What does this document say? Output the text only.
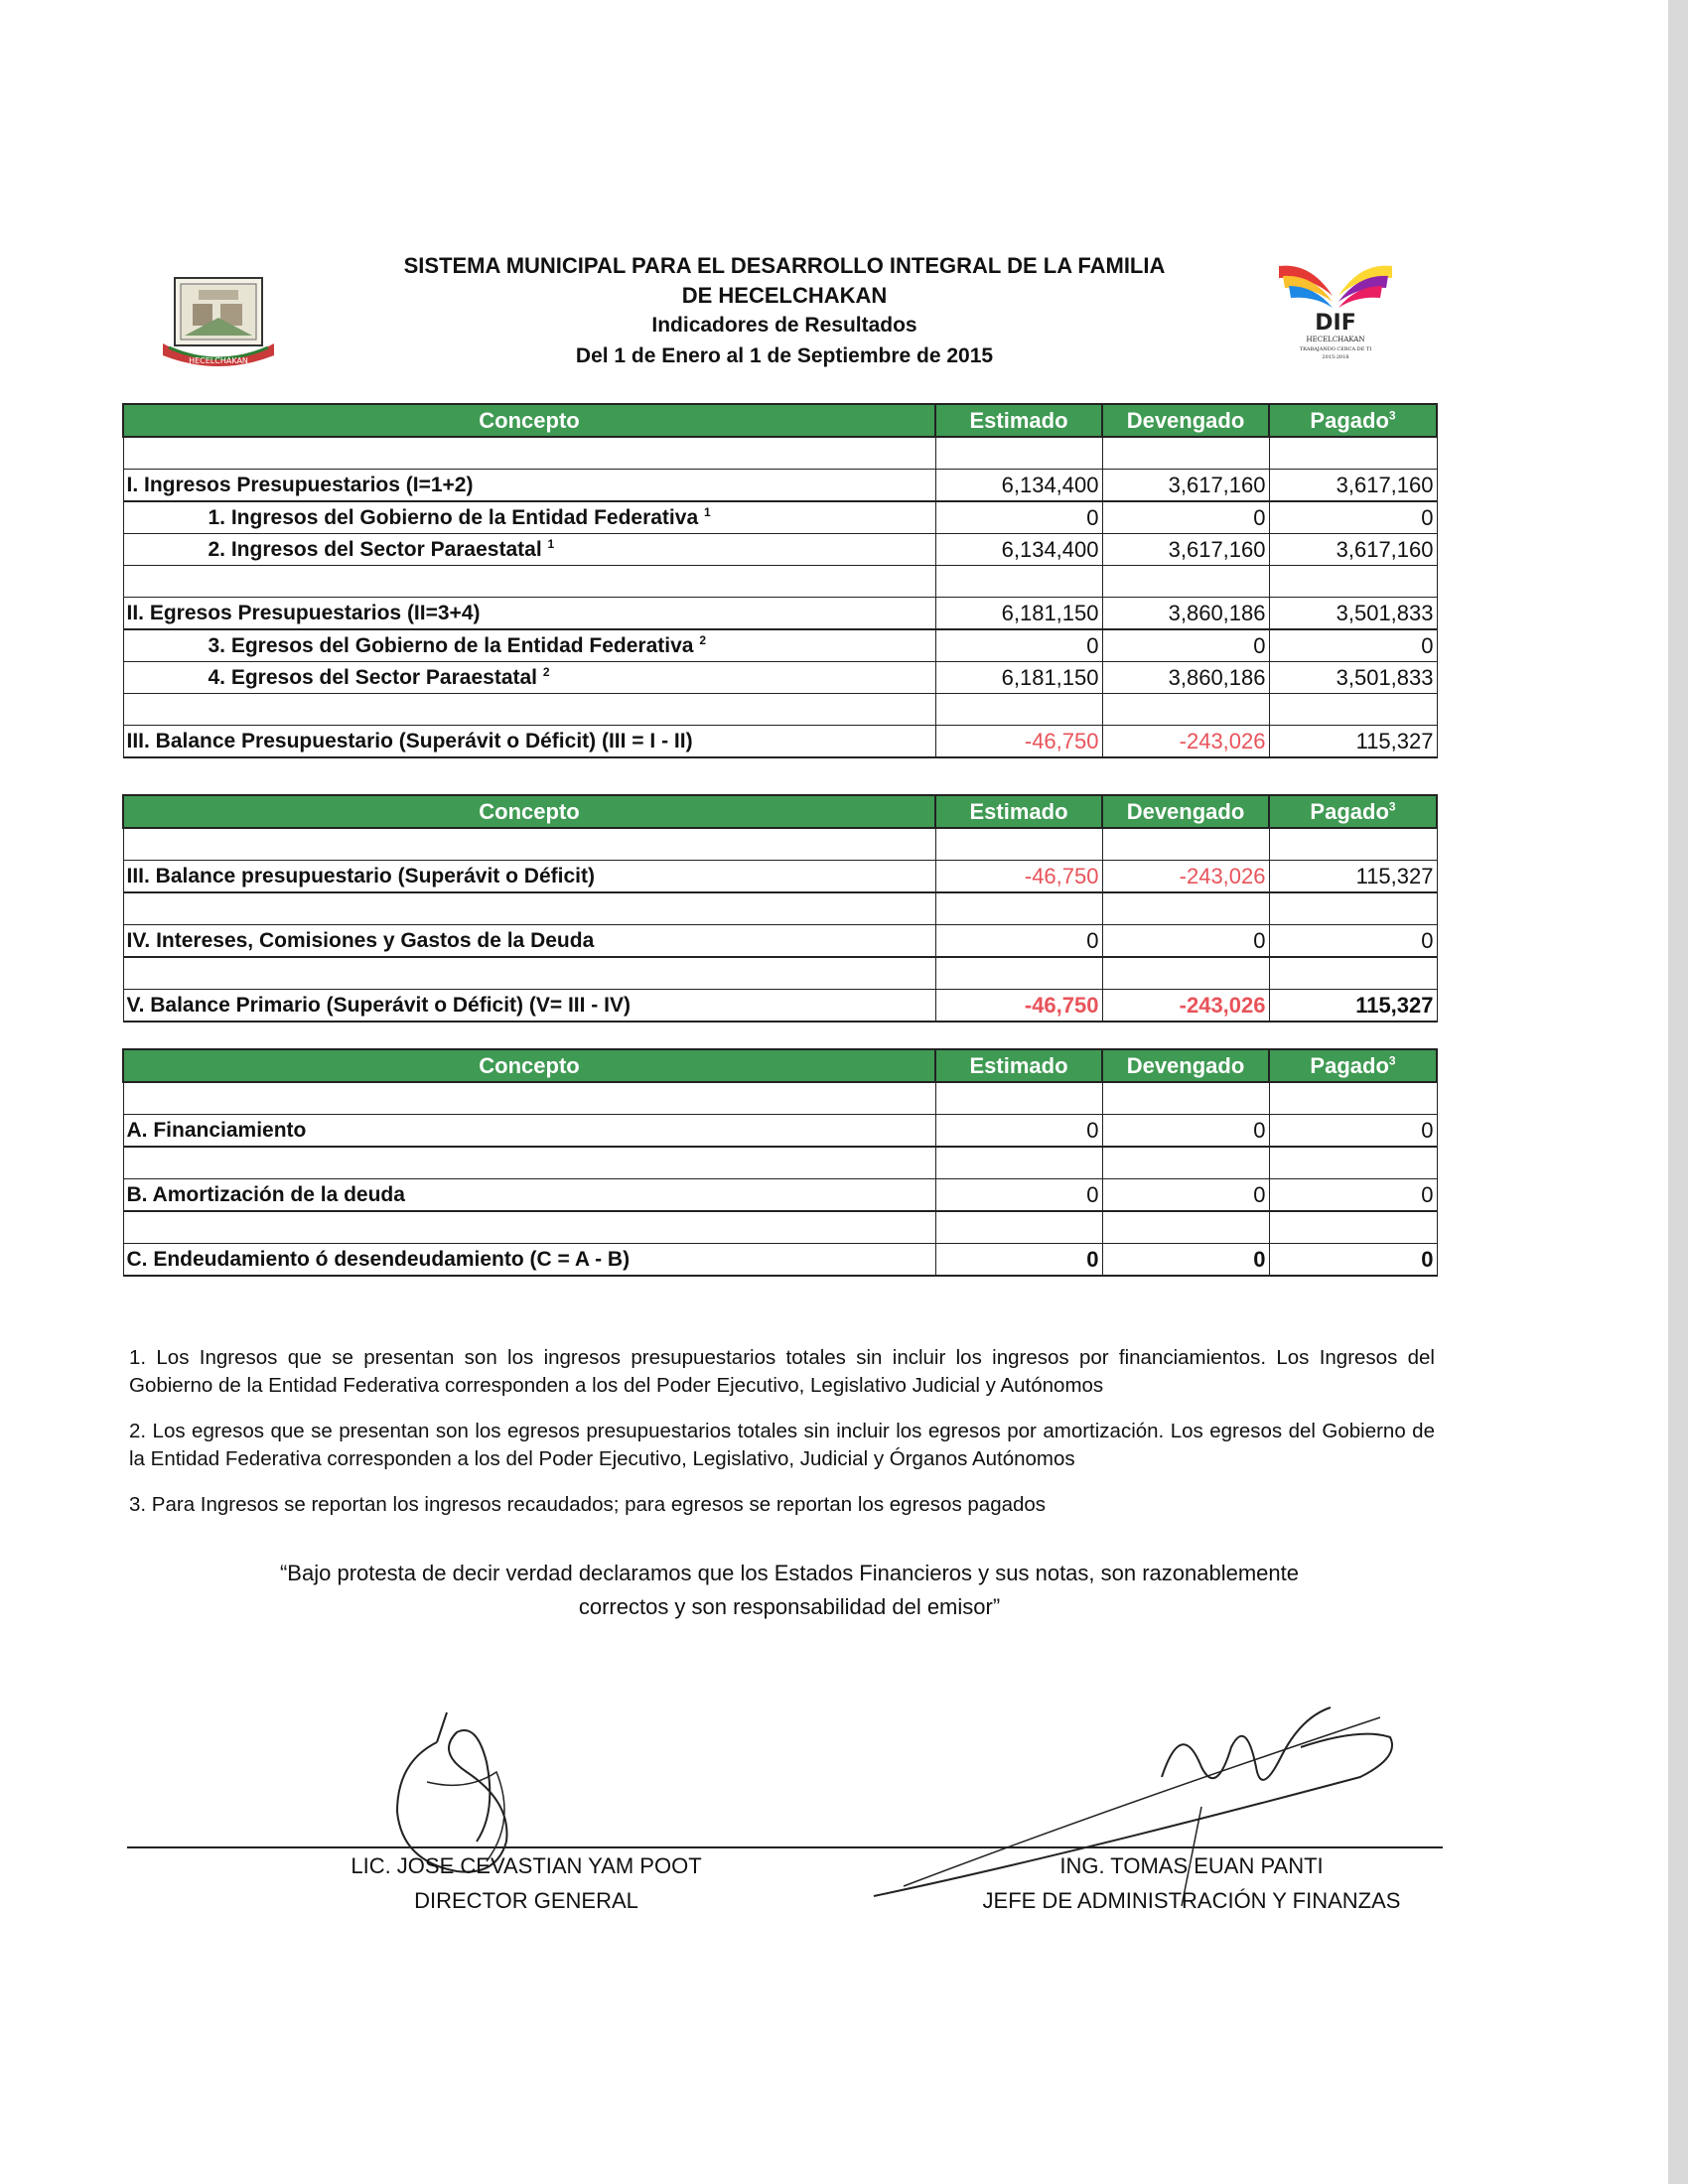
HECELCHAKAN
DIF
HECELCHAKAN
TRABAJANDO CERCA DE TI
2015-2018
SISTEMA MUNICIPAL PARA EL DESARROLLO INTEGRAL DE LA FAMILIA
DE HECELCHAKAN
Indicadores de Resultados
Del 1 de Enero al 1 de Septiembre de 2015
Concepto	Estimado	Devengado	Pagado$^3$

I. Ingresos Presupuestarios (I=1+2)	6,134,400	3,617,160	3,617,160
1. Ingresos del Gobierno de la Entidad Federativa $^1$	0	0	0
2. Ingresos del Sector Paraestatal $^1$	6,134,400	3,617,160	3,617,160

II. Egresos Presupuestarios (II=3+4)	6,181,150	3,860,186	3,501,833
3. Egresos del Gobierno de la Entidad Federativa $^2$	0	0	0
4. Egresos del Sector Paraestatal $^2$	6,181,150	3,860,186	3,501,833

III. Balance Presupuestario (Superávit o Déficit) (III = I - II)	-46,750	-243,026	115,327
Concepto	Estimado	Devengado	Pagado$^3$

III. Balance presupuestario (Superávit o Déficit)	-46,750	-243,026	115,327

IV. Intereses, Comisiones y Gastos de la Deuda	0	0	0

V. Balance Primario (Superávit o Déficit) (V= III - IV)	-46,750	-243,026	115,327
Concepto	Estimado	Devengado	Pagado$^3$

A. Financiamiento	0	0	0

B. Amortización de la deuda	0	0	0

C. Endeudamiento ó desendeudamiento (C = A - B)	0	0	0

1. Los Ingresos que se presentan son los ingresos presupuestarios totales sin incluir los ingresos por financiamientos. Los Ingresos del Gobierno de la Entidad Federativa corresponden a los del Poder Ejecutivo, Legislativo Judicial y Autónomos

2. Los egresos que se presentan son los egresos presupuestarios totales sin incluir los egresos por amortización. Los egresos del Gobierno de la Entidad Federativa corresponden a los del Poder Ejecutivo, Legislativo, Judicial y Órganos Autónomos

3. Para Ingresos se reportan los ingresos recaudados; para egresos se reportan los egresos pagados

“Bajo protesta de decir verdad declaramos que los Estados Financieros y sus notas, son razonablemente
correctos y son responsabilidad del emisor”
LIC. JOSE CEVASTIAN YAM POOT
DIRECTOR GENERAL
ING. TOMAS EUAN PANTI
JEFE DE ADMINISTRACIÓN Y FINANZAS
